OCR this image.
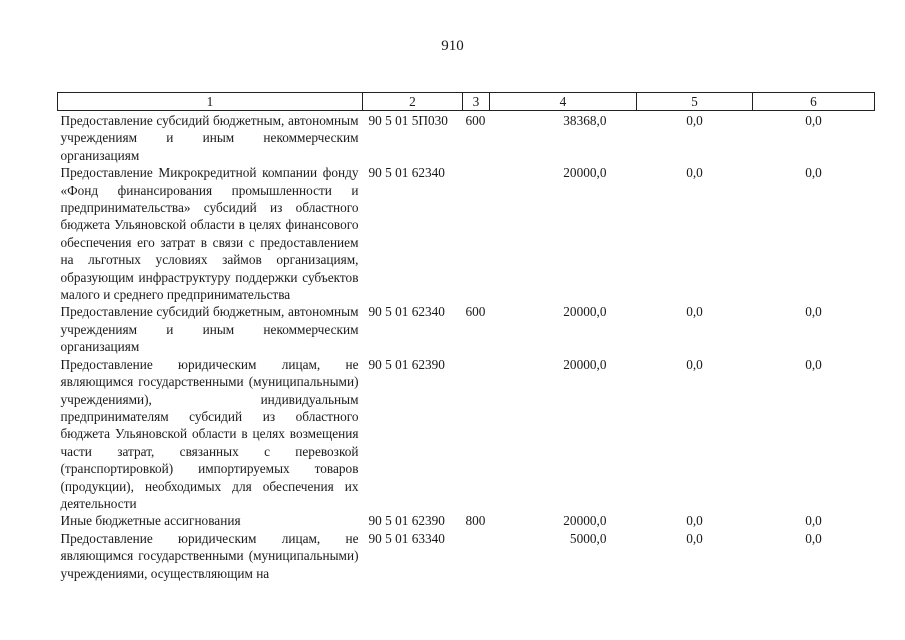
910
1	2	3	4	5	6
Предоставление субсидий бюджетным, автономным учреждениям и иным некоммерческим организациям	90 5 01 5П030	600	38368,0	0,0	0,0
Предоставление Микрокредитной компании фонду «Фонд финансирования промышленности и предпринимательства» субсидий из областного бюджета Ульяновской области в целях финансового обеспечения его затрат в связи с предоставлением на льготных условиях займов организациям, образующим инфраструктуру поддержки субъектов малого и среднего предпринимательства	90 5 01 62340		20000,0	0,0	0,0
Предоставление субсидий бюджетным, автономным учреждениям и иным некоммерческим организациям	90 5 01 62340	600	20000,0	0,0	0,0
Предоставление юридическим лицам, не являющимся государственными (муниципальными) учреждениями), индивидуальным предпринимателям субсидий из областного бюджета Ульяновской области в целях возмещения части затрат, связанных с перевозкой (транспортировкой) импортируемых товаров (продукции), необходимых для обеспечения их деятельности	90 5 01 62390		20000,0	0,0	0,0
Иные бюджетные ассигнования	90 5 01 62390	800	20000,0	0,0	0,0
Предоставление юридическим лицам, не являющимся государственными (муниципальными) учреждениями, осуществляющим на	90 5 01 63340		5000,0	0,0	0,0
